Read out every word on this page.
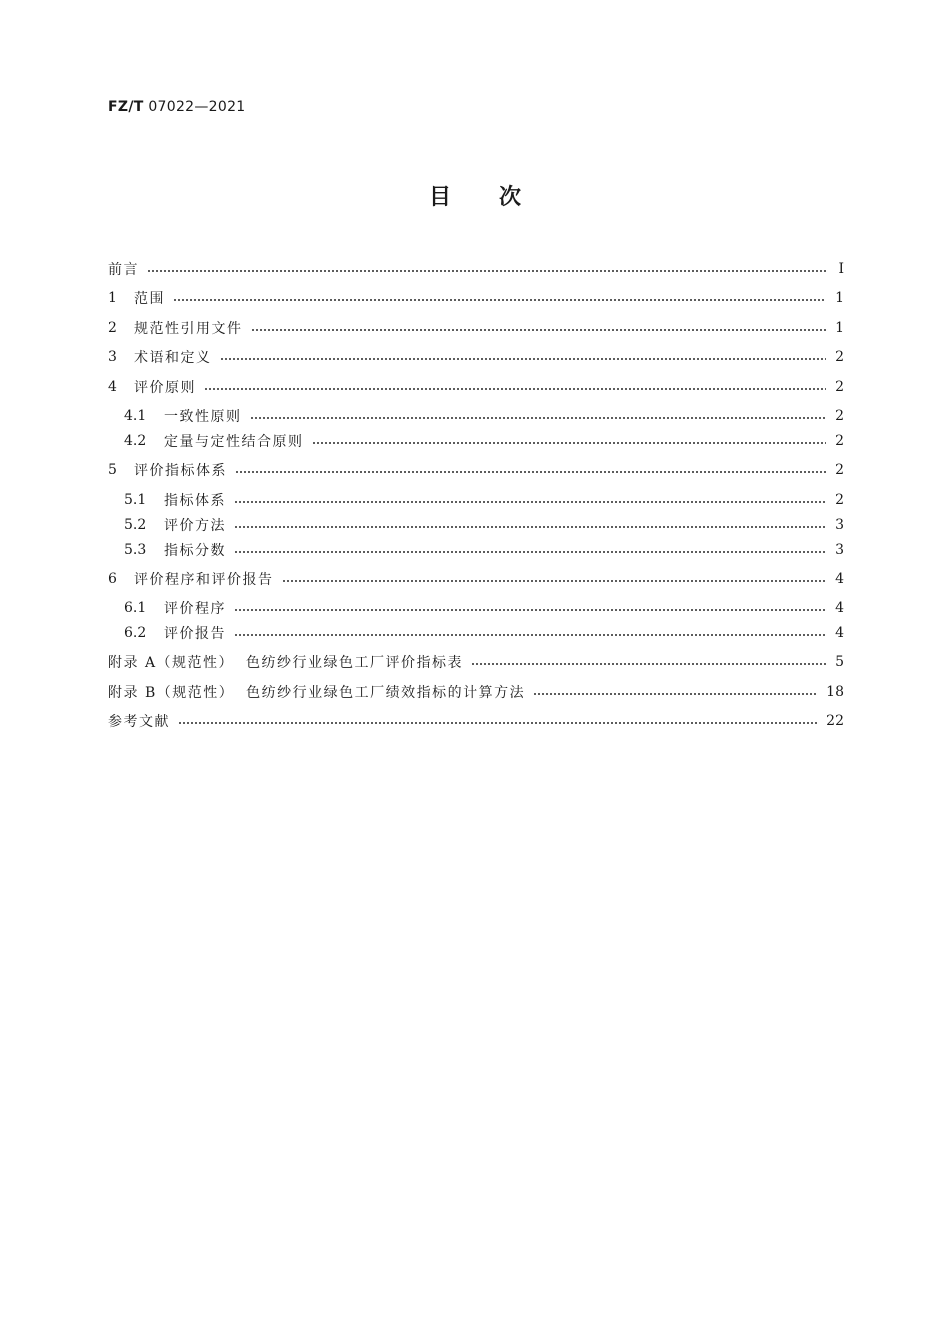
FZ/T 07022—2021
目 次
前言	Ⅰ
1	范围	1
2	规范性引用文件	1
3	术语和定义	2
4	评价原则	2
4.1	一致性原则	2
4.2	定量与定性结合原则	2
5	评价指标体系	2
5.1	指标体系	2
5.2	评价方法	3
5.3	指标分数	3
6	评价程序和评价报告	4
6.1	评价程序	4
6.2	评价报告	4
附录 A（规范性）  色纺纱行业绿色工厂评价指标表	5
附录 B（规范性）  色纺纱行业绿色工厂绩效指标的计算方法	18
参考文献	22
